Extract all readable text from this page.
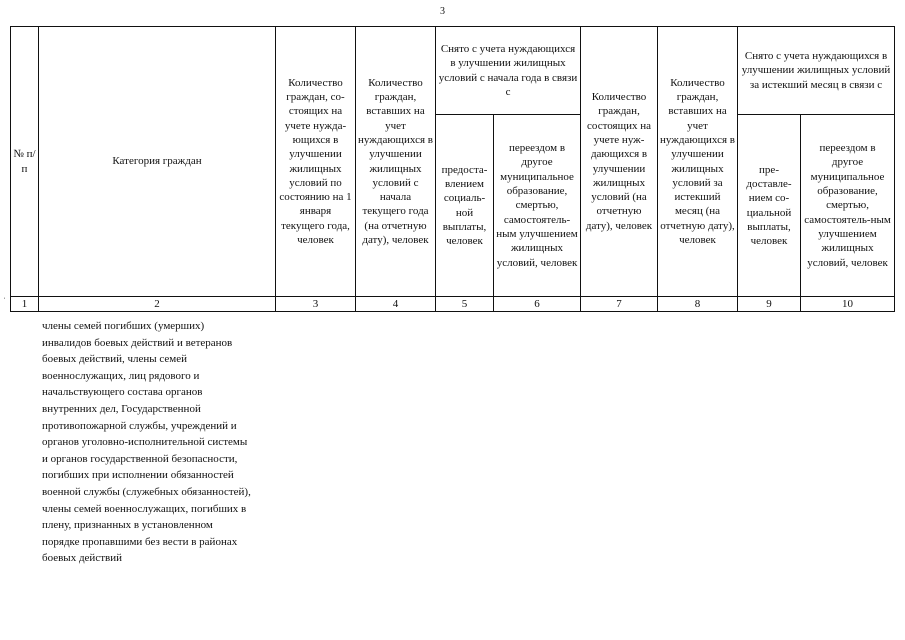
3
ˈ
№ п/п	Категория граждан	Количество граждан, со-стоящих на учете нужда-ющихся в улучшении жилищных условий по состоянию на 1 января текущего года, человек	Количество граждан, вставших на учет нуждающихся в улучшении жилищных условий с начала текущего года (на отчетную дату), человек	Снято с учета нуждающихся в улучшении жилищных условий с начала года в связи с		Количество граждан, состоящих на учете нуж-дающихся в улучшении жилищных условий (на отчетную дату), человек	Количество граждан, вставших на учет нуждающихся в улучшении жилищных условий за истекший месяц (на отчетную дату), человек	Снято с учета нуждающихся в улучшении жилищных условий за истекший месяц в связи с	
				предоста-влением социаль-ной выплаты, человек	переездом в другое муниципальное образование, смертью, самостоятель-ным улучшением жилищных условий, человек			пре-доставле-нием со-циальной выплаты, человек	переездом в другое муниципальное образование, смертью, самостоятель-ным улучшением жилищных условий, человек
1	2	3	4	5	6	7	8	9	10
члены семей погибших (умерших)
инвалидов боевых действий и ветеранов
боевых действий, члены семей
военнослужащих, лиц рядового и
начальствующего состава органов
внутренних дел, Государственной
противопожарной службы, учреждений и
органов уголовно-исполнительной системы
и органов государственной безопасности,
погибших при исполнении обязанностей
военной службы (служебных обязанностей),
члены семей военнослужащих, погибших в
плену, признанных в установленном
порядке пропавшими без вести в районах
боевых действий
